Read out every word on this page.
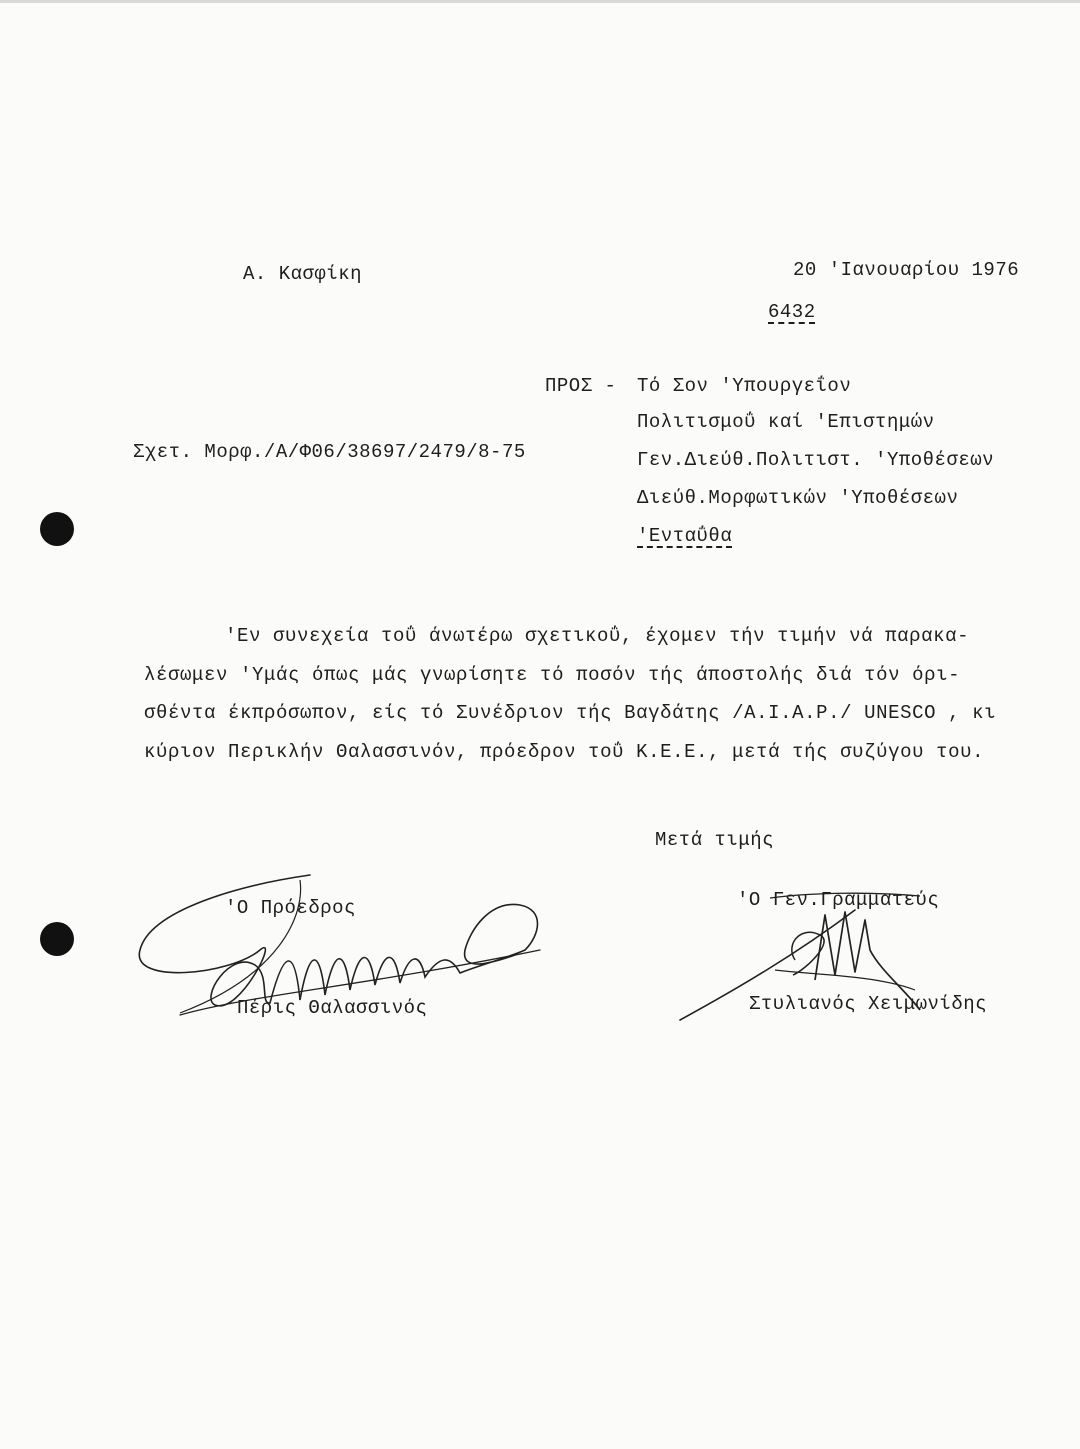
Α. Κασφίκη	20 'Ιανουαρίου 1976
6432
ΠΡΟΣ - Τό Σον 'Υπουργεΐον
Πολιτισμοΰ καί 'Επιστημών
Γεν.Διεύθ.Πολιτιστ. 'Υποθέσεων
Διεύθ.Μορφωτικών 'Υποθέσεων
'Ενταΰθα
Σχετ. Μορφ./Α/Φ06/38697/2479/8-75
'Εν συνεχεία τοΰ άνωτέρω σχετικοΰ, έχομεν τήν τιμήν νά παρακα-
λέσωμεν 'Υμάς όπως μάς γνωρίσητε τό ποσόν τής άποστολής διά τόν όρι-
σθέντα έκπρόσωπον, είς τό Συνέδριον τής Βαγδάτης /Α.Ι.Α.Ρ./ UNESCO , κι
κύριον Περικλήν Θαλασσινόν, πρόεδρον τοΰ Κ.Ε.Ε., μετά τής συζύγου του.
Μετά τιμής
'Ο Πρόεδρος
Πέρις Θαλασσινός
'Ο Γεν.Γραμματεύς
Στυλιανός Χειμωνίδης
